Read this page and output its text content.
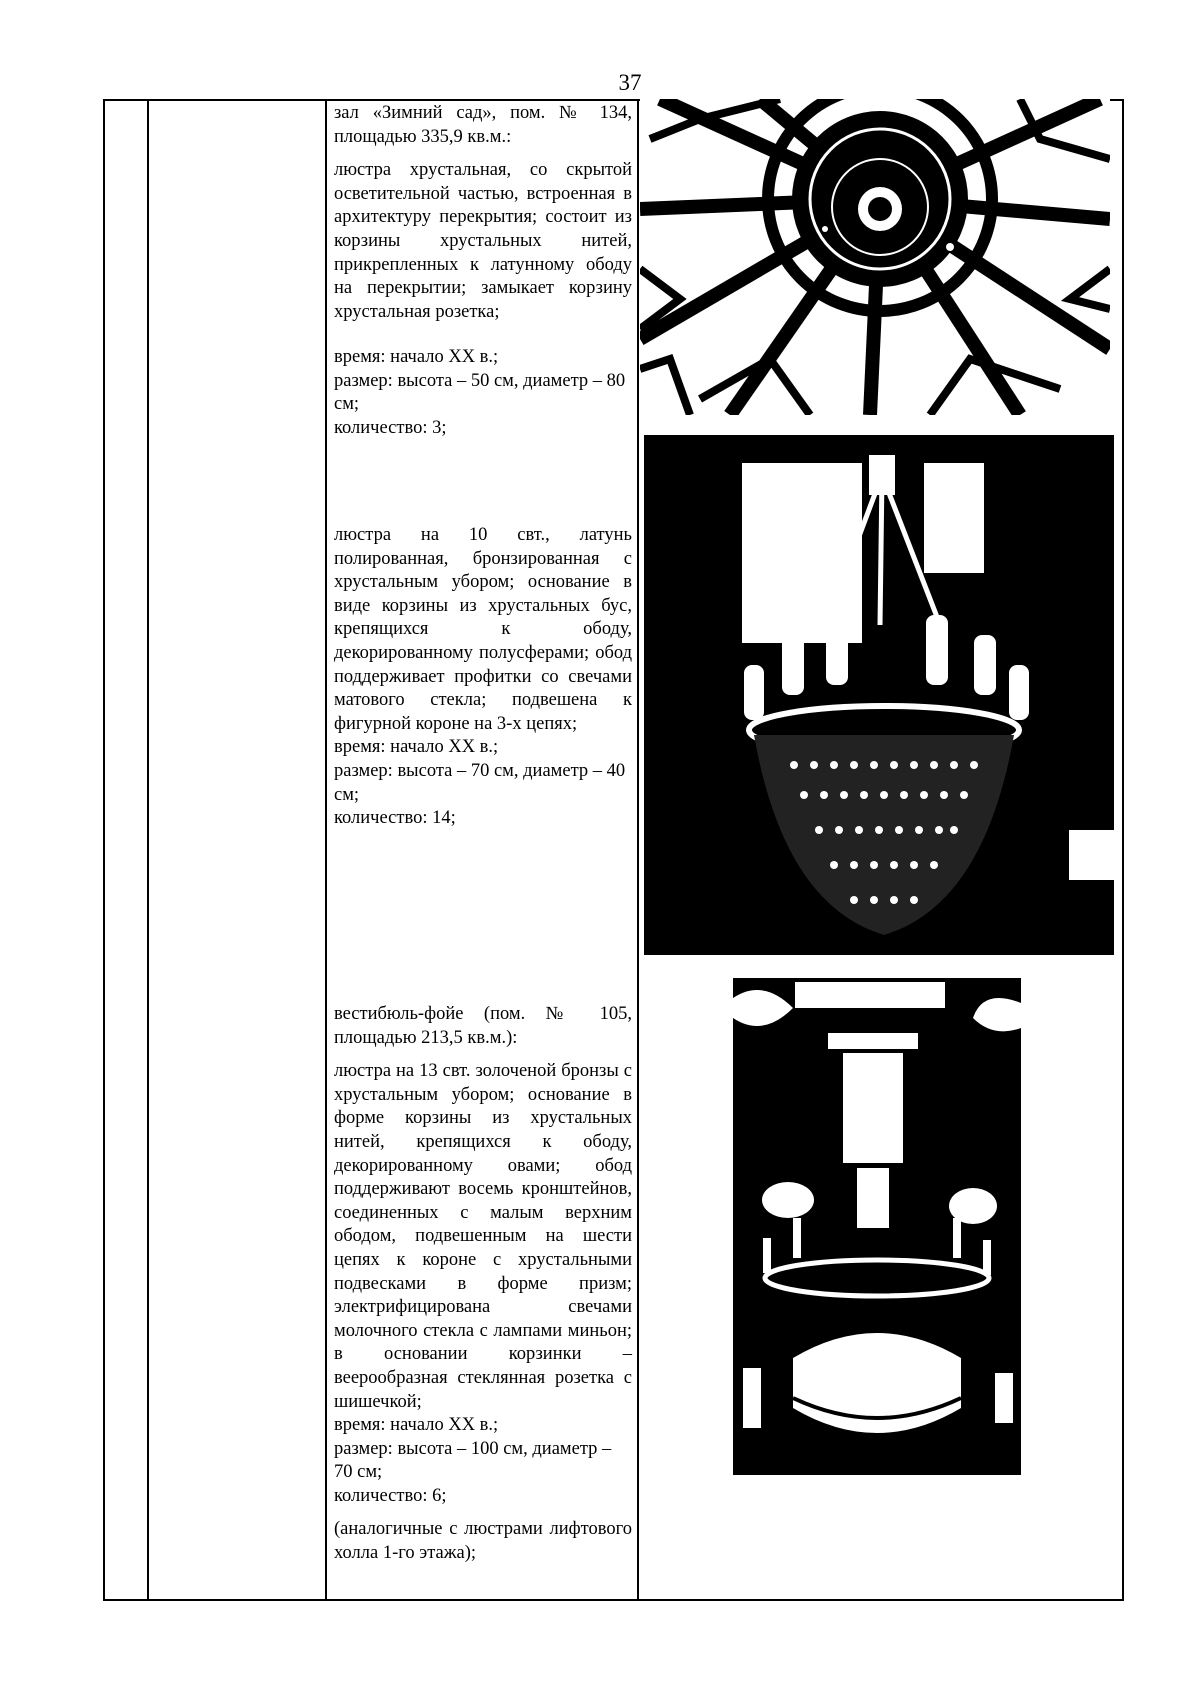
37

зал «Зимний сад», пом. № 134, площадью 335,9 кв.м.:

люстра хрустальная, со скрытой осветительной частью, встроенная в архитектуру перекрытия; состоит из корзины хрустальных нитей, прикрепленных к латунному ободу на перекрытии; замыкает корзину хрустальная розетка;

время: начало XX в.;
размер: высота – 50 см, диаметр – 80 см;
количество: 3;

люстра на 10 свт., латунь полированная, бронзированная с хрустальным убором; основание в виде корзины из хрустальных бус, крепящихся к ободу, декорированному полусферами; обод поддерживает профитки со свечами матового стекла; подвешена к фигурной короне на 3-х цепях;

время: начало XX в.;
размер: высота – 70 см, диаметр – 40 см;
количество: 14;

вестибюль-фойе (пом. № 105, площадью 213,5 кв.м.):

люстра на 13 свт. золоченой бронзы с хрустальным убором; основание в форме корзины из хрустальных нитей, крепящихся к ободу, декорированному овами; обод поддерживают восемь кронштейнов, соединенных с малым верхним ободом, подвешенным на шести цепях к короне с хрустальными подвесками в форме призм; электрифицирована свечами молочного стекла с лампами миньон; в основании корзинки – веерообразная стеклянная розетка с шишечкой;

время: начало XX в.;
размер: высота – 100 см, диаметр – 70 см;
количество: 6;

(аналогичные с люстрами лифтового холла 1-го этажа);
